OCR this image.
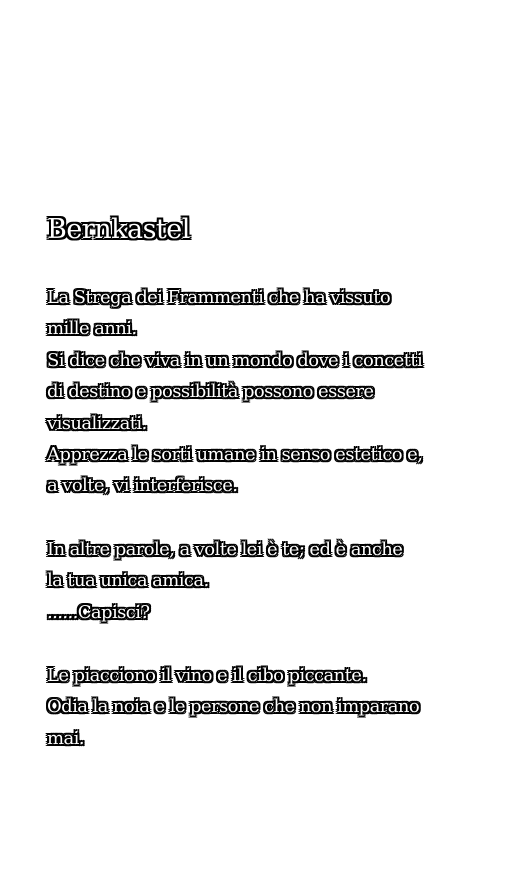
Bernkastel
La Strega dei Frammenti che ha vissuto
mille anni.
Si dice che viva in un mondo dove i concetti
di destino e possibilità possono essere
visualizzati.
Apprezza le sorti umane in senso estetico e,
a volte, vi interferisce.
In altre parole, a volte lei è te; ed è anche
la tua unica amica.
......Capisci?
Le piacciono il vino e il cibo piccante.
Odia la noia e le persone che non imparano
mai.
